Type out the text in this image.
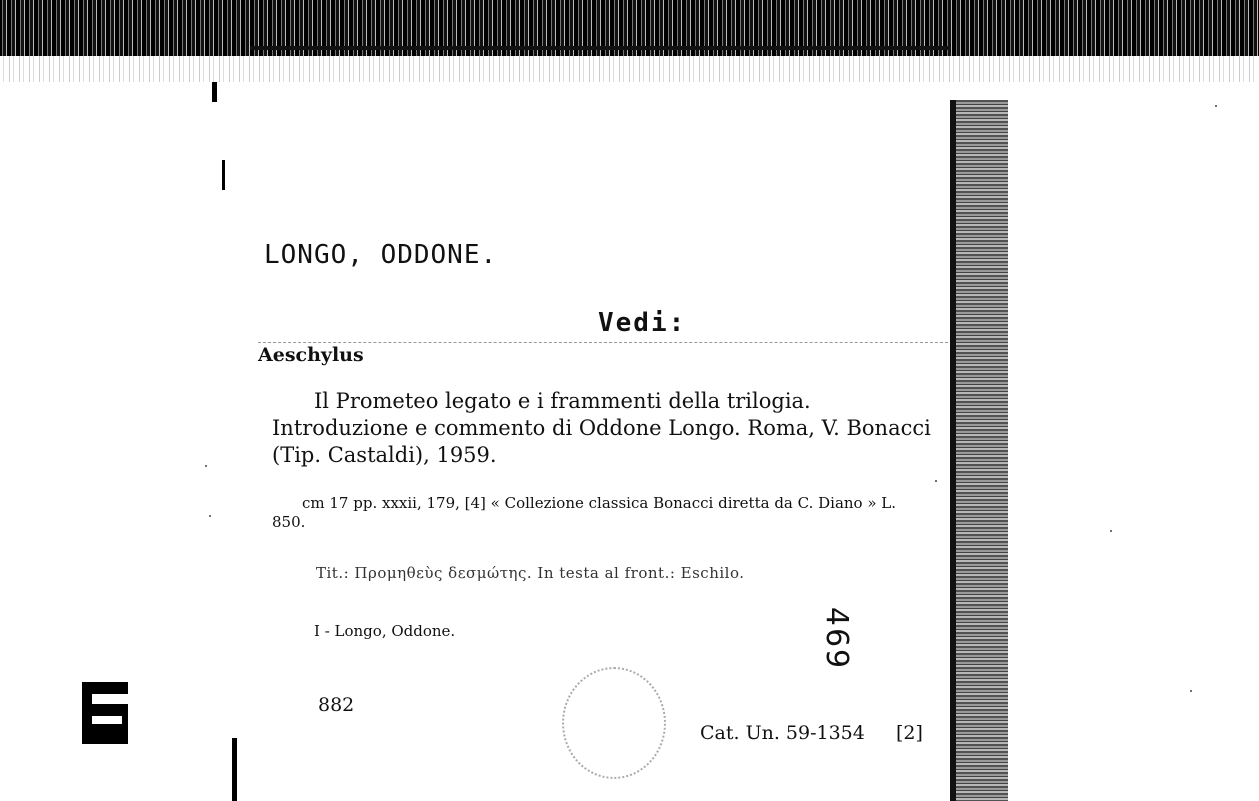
LONGO, ODDONE.
Vedi:
Aeschylus
Il Prometeo legato e i frammenti della trilogia. Introduzione e commento di Oddone Longo. Roma, V. Bonacci (Tip. Castaldi), 1959.
cm 17 pp. xxxii, 179, [4] « Collezione classica Bonacci diretta da C. Diano » L. 850.
Tit.: Προμηθεὺς δεσμώτης. In testa al front.: Eschilo.
I - Longo, Oddone.	469
882
Cat. Un. 59-1354 [2]
